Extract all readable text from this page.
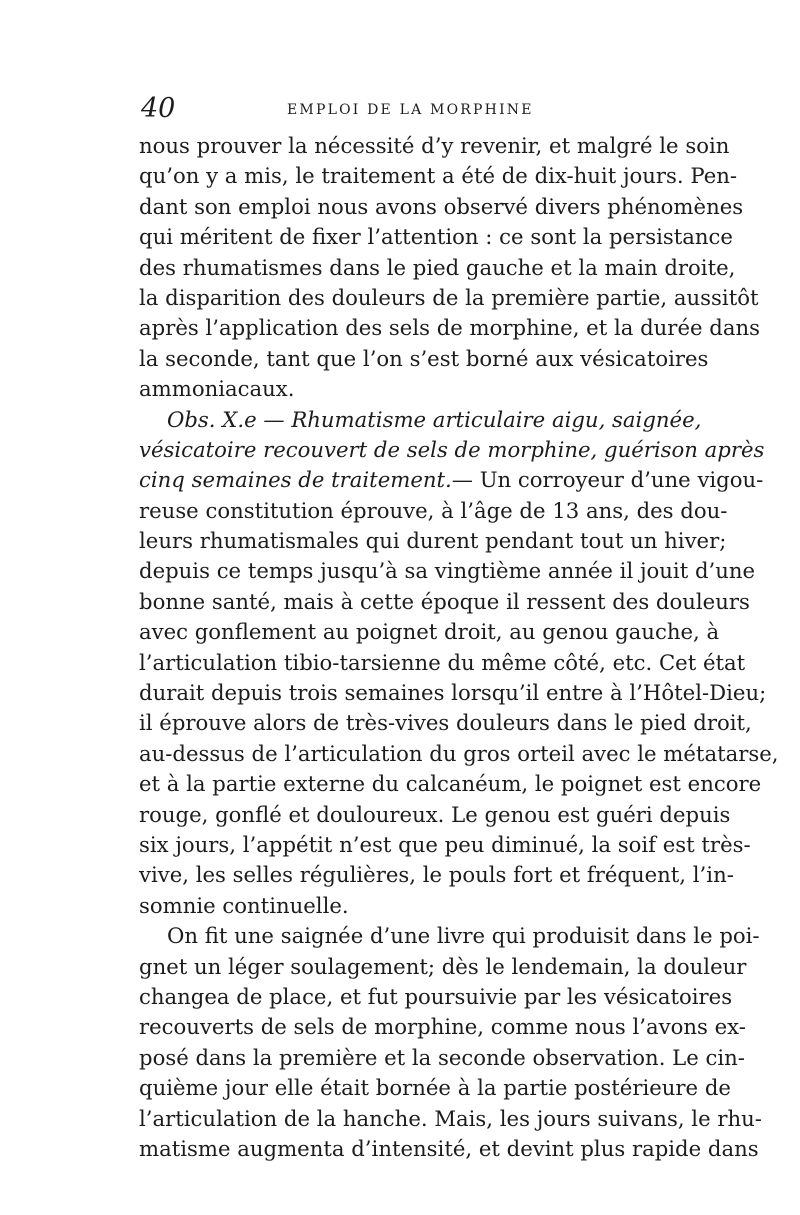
40	EMPLOI DE LA MORPHINE
nous prouver la nécessité d’y revenir, et malgré le soin
qu’on y a mis, le traitement a été de dix-huit jours. Pen-
dant son emploi nous avons observé divers phénomènes
qui méritent de fixer l’attention : ce sont la persistance
des rhumatismes dans le pied gauche et la main droite,
la disparition des douleurs de la première partie, aussitôt
après l’application des sels de morphine, et la durée dans
la seconde, tant que l’on s’est borné aux vésicatoires
ammoniacaux.
Obs. X.e — Rhumatisme articulaire aigu, saignée,
vésicatoire recouvert de sels de morphine, guérison après
cinq semaines de traitement.— Un corroyeur d’une vigou-
reuse constitution éprouve, à l’âge de 13 ans, des dou-
leurs rhumatismales qui durent pendant tout un hiver;
depuis ce temps jusqu’à sa vingtième année il jouit d’une
bonne santé, mais à cette époque il ressent des douleurs
avec gonflement au poignet droit, au genou gauche, à
l’articulation tibio-tarsienne du même côté, etc. Cet état
durait depuis trois semaines lorsqu’il entre à l’Hôtel-Dieu;
il éprouve alors de très-vives douleurs dans le pied droit,
au-dessus de l’articulation du gros orteil avec le métatarse,
et à la partie externe du calcanéum, le poignet est encore
rouge, gonflé et douloureux. Le genou est guéri depuis
six jours, l’appétit n’est que peu diminué, la soif est très-
vive, les selles régulières, le pouls fort et fréquent, l’in-
somnie continuelle.
On fit une saignée d’une livre qui produisit dans le poi-
gnet un léger soulagement; dès le lendemain, la douleur
changea de place, et fut poursuivie par les vésicatoires
recouverts de sels de morphine, comme nous l’avons ex-
posé dans la première et la seconde observation. Le cin-
quième jour elle était bornée à la partie postérieure de
l’articulation de la hanche. Mais, les jours suivans, le rhu-
matisme augmenta d’intensité, et devint plus rapide dans
